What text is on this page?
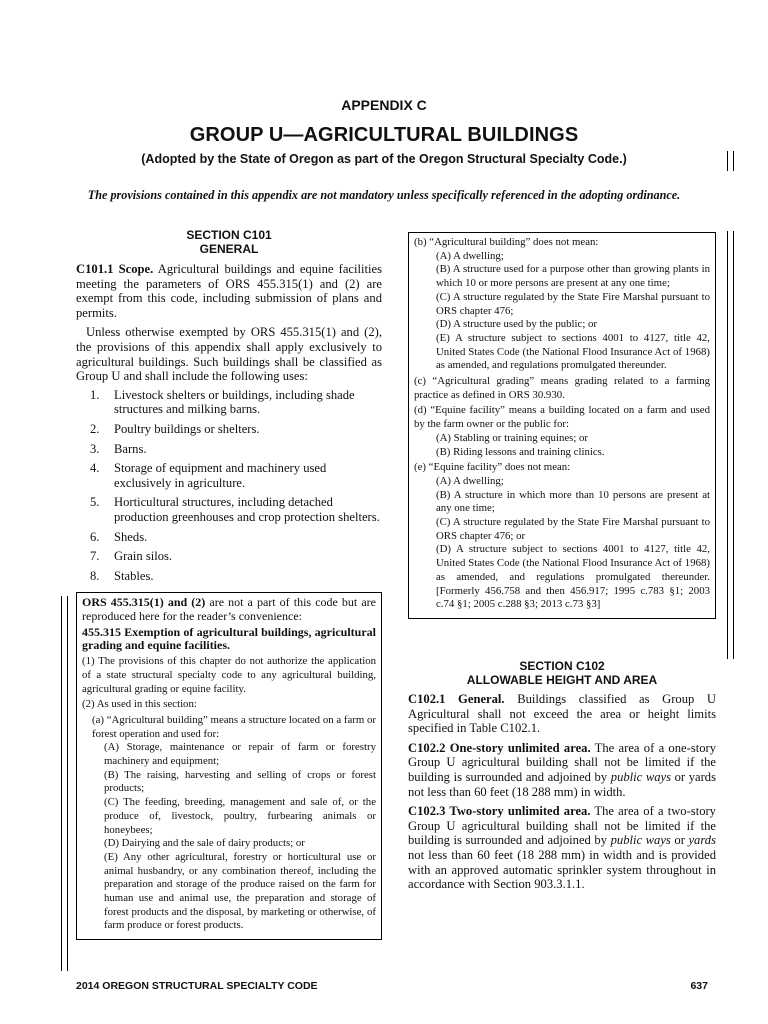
APPENDIX C
GROUP U—AGRICULTURAL BUILDINGS
(Adopted by the State of Oregon as part of the Oregon Structural Specialty Code.)
The provisions contained in this appendix are not mandatory unless specifically referenced in the adopting ordinance.
SECTION C101
GENERAL

C101.1 Scope. Agricultural buildings and equine facilities meeting the parameters of ORS 455.315(1) and (2) are exempt from this code, including submission of plans and permits.

Unless otherwise exempted by ORS 455.315(1) and (2), the provisions of this appendix shall apply exclusively to agricultural buildings. Such buildings shall be classified as Group U and shall include the following uses:

1. Livestock shelters or buildings, including shade structures and milking barns.
2. Poultry buildings or shelters.
3. Barns.
4. Storage of equipment and machinery used exclusively in agriculture.
5. Horticultural structures, including detached production greenhouses and crop protection shelters.
6. Sheds.
7. Grain silos.
8. Stables.

ORS 455.315(1) and (2) are not a part of this code but are reproduced here for the reader’s convenience:

455.315 Exemption of agricultural buildings, agricultural grading and equine facilities.

(1) The provisions of this chapter do not authorize the application of a state structural specialty code to any agricultural building, agricultural grading or equine facility.

(2) As used in this section:

(a) “Agricultural building” means a structure located on a farm or forest operation and used for:

(A) Storage, maintenance or repair of farm or forestry machinery and equipment;

(B) The raising, harvesting and selling of crops or forest products;

(C) The feeding, breeding, management and sale of, or the produce of, livestock, poultry, furbearing animals or honeybees;

(D) Dairying and the sale of dairy products; or

(E) Any other agricultural, forestry or horticultural use or animal husbandry, or any combination thereof, including the preparation and storage of the produce raised on the farm for human use and animal use, the preparation and storage of forest products and the disposal, by marketing or otherwise, of farm produce or forest products.

(b) “Agricultural building” does not mean:

(A) A dwelling;

(B) A structure used for a purpose other than growing plants in which 10 or more persons are present at any one time;

(C) A structure regulated by the State Fire Marshal pursuant to ORS chapter 476;

(D) A structure used by the public; or

(E) A structure subject to sections 4001 to 4127, title 42, United States Code (the National Flood Insurance Act of 1968) as amended, and regulations promulgated thereunder.

(c) “Agricultural grading” means grading related to a farming practice as defined in ORS 30.930.

(d) “Equine facility” means a building located on a farm and used by the farm owner or the public for:

(A) Stabling or training equines; or

(B) Riding lessons and training clinics.

(e) “Equine facility” does not mean:

(A) A dwelling;

(B) A structure in which more than 10 persons are present at any one time;

(C) A structure regulated by the State Fire Marshal pursuant to ORS chapter 476; or

(D) A structure subject to sections 4001 to 4127, title 42, United States Code (the National Flood Insurance Act of 1968) as amended, and regulations promulgated thereunder. [Formerly 456.758 and then 456.917; 1995 c.783 §1; 2003 c.74 §1; 2005 c.288 §3; 2013 c.73 §3]

SECTION C102
ALLOWABLE HEIGHT AND AREA

C102.1 General. Buildings classified as Group U Agricultural shall not exceed the area or height limits specified in Table C102.1.

C102.2 One-story unlimited area. The area of a one-story Group U agricultural building shall not be limited if the building is surrounded and adjoined by public ways or yards not less than 60 feet (18 288 mm) in width.

C102.3 Two-story unlimited area. The area of a two-story Group U agricultural building shall not be limited if the building is surrounded and adjoined by public ways or yards not less than 60 feet (18 288 mm) in width and is provided with an approved automatic sprinkler system throughout in accordance with Section 903.3.1.1.

2014 OREGON STRUCTURAL SPECIALTY CODE	637
